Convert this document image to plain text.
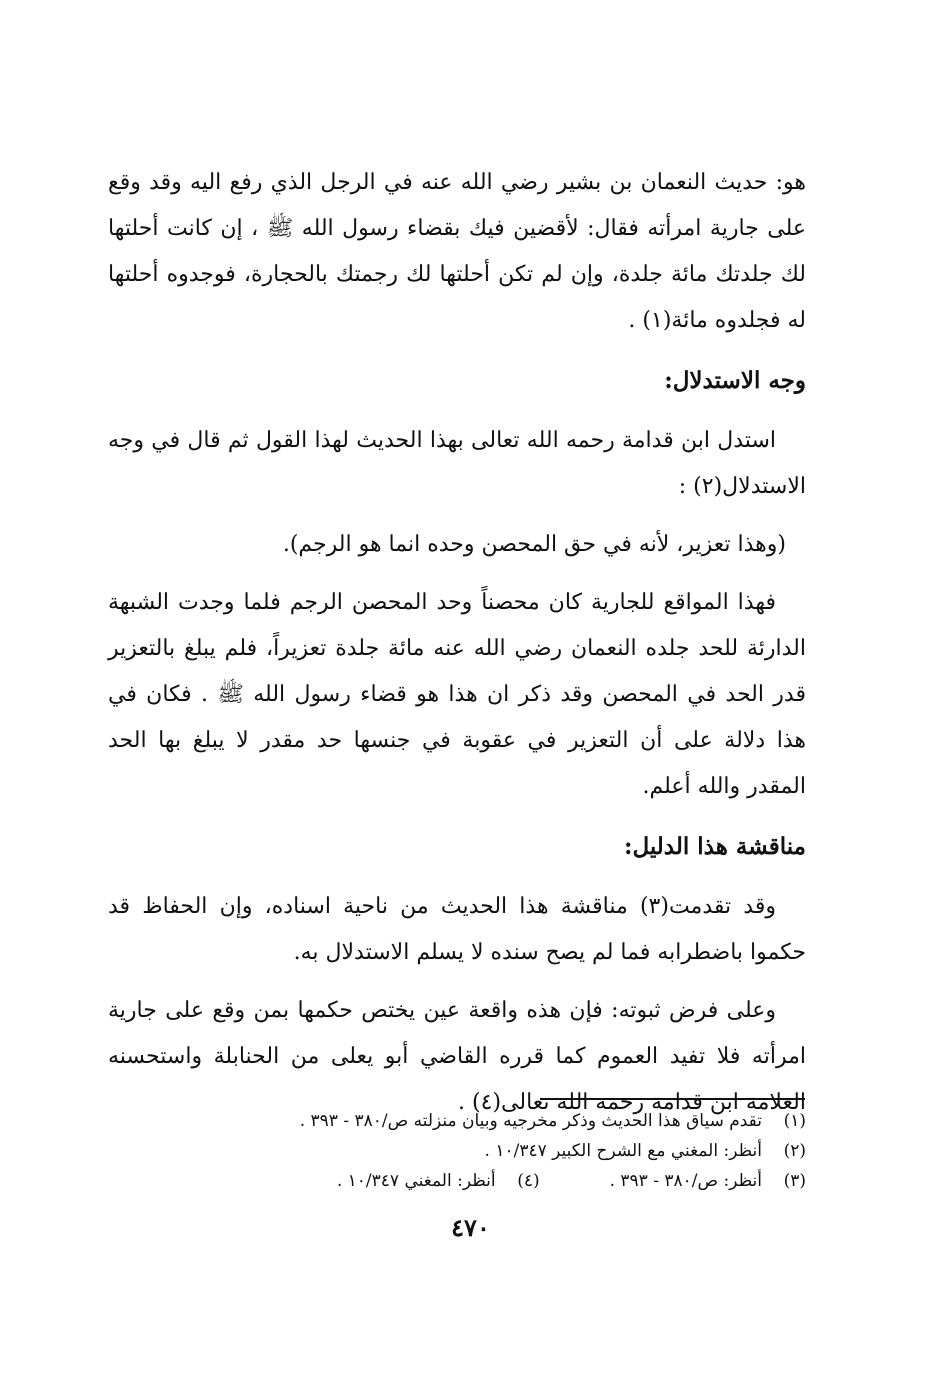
هو: حديث النعمان بن بشير رضي الله عنه في الرجل الذي رفع اليه وقد وقع على جارية امرأته فقال: لأقضين فيك بقضاء رسول الله ﷺ ، إن كانت أحلتها لك جلدتك مائة جلدة، وإن لم تكن أحلتها لك رجمتك بالحجارة، فوجدوه أحلتها له فجلدوه مائة(١) .

وجه الاستدلال:

استدل ابن قدامة رحمه الله تعالى بهذا الحديث لهذا القول ثم قال في وجه الاستدلال(٢) :

(وهذا تعزير، لأنه في حق المحصن وحده انما هو الرجم).

فهذا المواقع للجارية كان محصناً وحد المحصن الرجم فلما وجدت الشبهة الدارئة للحد جلده النعمان رضي الله عنه مائة جلدة تعزيراً، فلم يبلغ بالتعزير قدر الحد في المحصن وقد ذكر ان هذا هو قضاء رسول الله ﷺ . فكان في هذا دلالة على أن التعزير في عقوبة في جنسها حد مقدر لا يبلغ بها الحد المقدر والله أعلم.

مناقشة هذا الدليل:

وقد تقدمت(٣) مناقشة هذا الحديث من ناحية اسناده، وإن الحفاظ قد حكموا باضطرابه فما لم يصح سنده لا يسلم الاستدلال به.

وعلى فرض ثبوته: فإن هذه واقعة عين يختص حكمها بمن وقع على جارية امرأته فلا تفيد العموم كما قرره القاضي أبو يعلى من الحنابلة واستحسنه العلامة ابن قدامة رحمه الله تعالى(٤) .

(١)
تقدم سياق هذا الحديث وذكر مخرجيه وبيان منزلته ص/٣٨٠ - ٣٩٣ .
(٢)
أنظر: المغني مع الشرح الكبير ١٠/٣٤٧ .
(٣)
أنظر: ص/٣٨٠ - ٣٩٣ .
(٤)
أنظر: المغني ١٠/٣٤٧ .
٤٧٠
